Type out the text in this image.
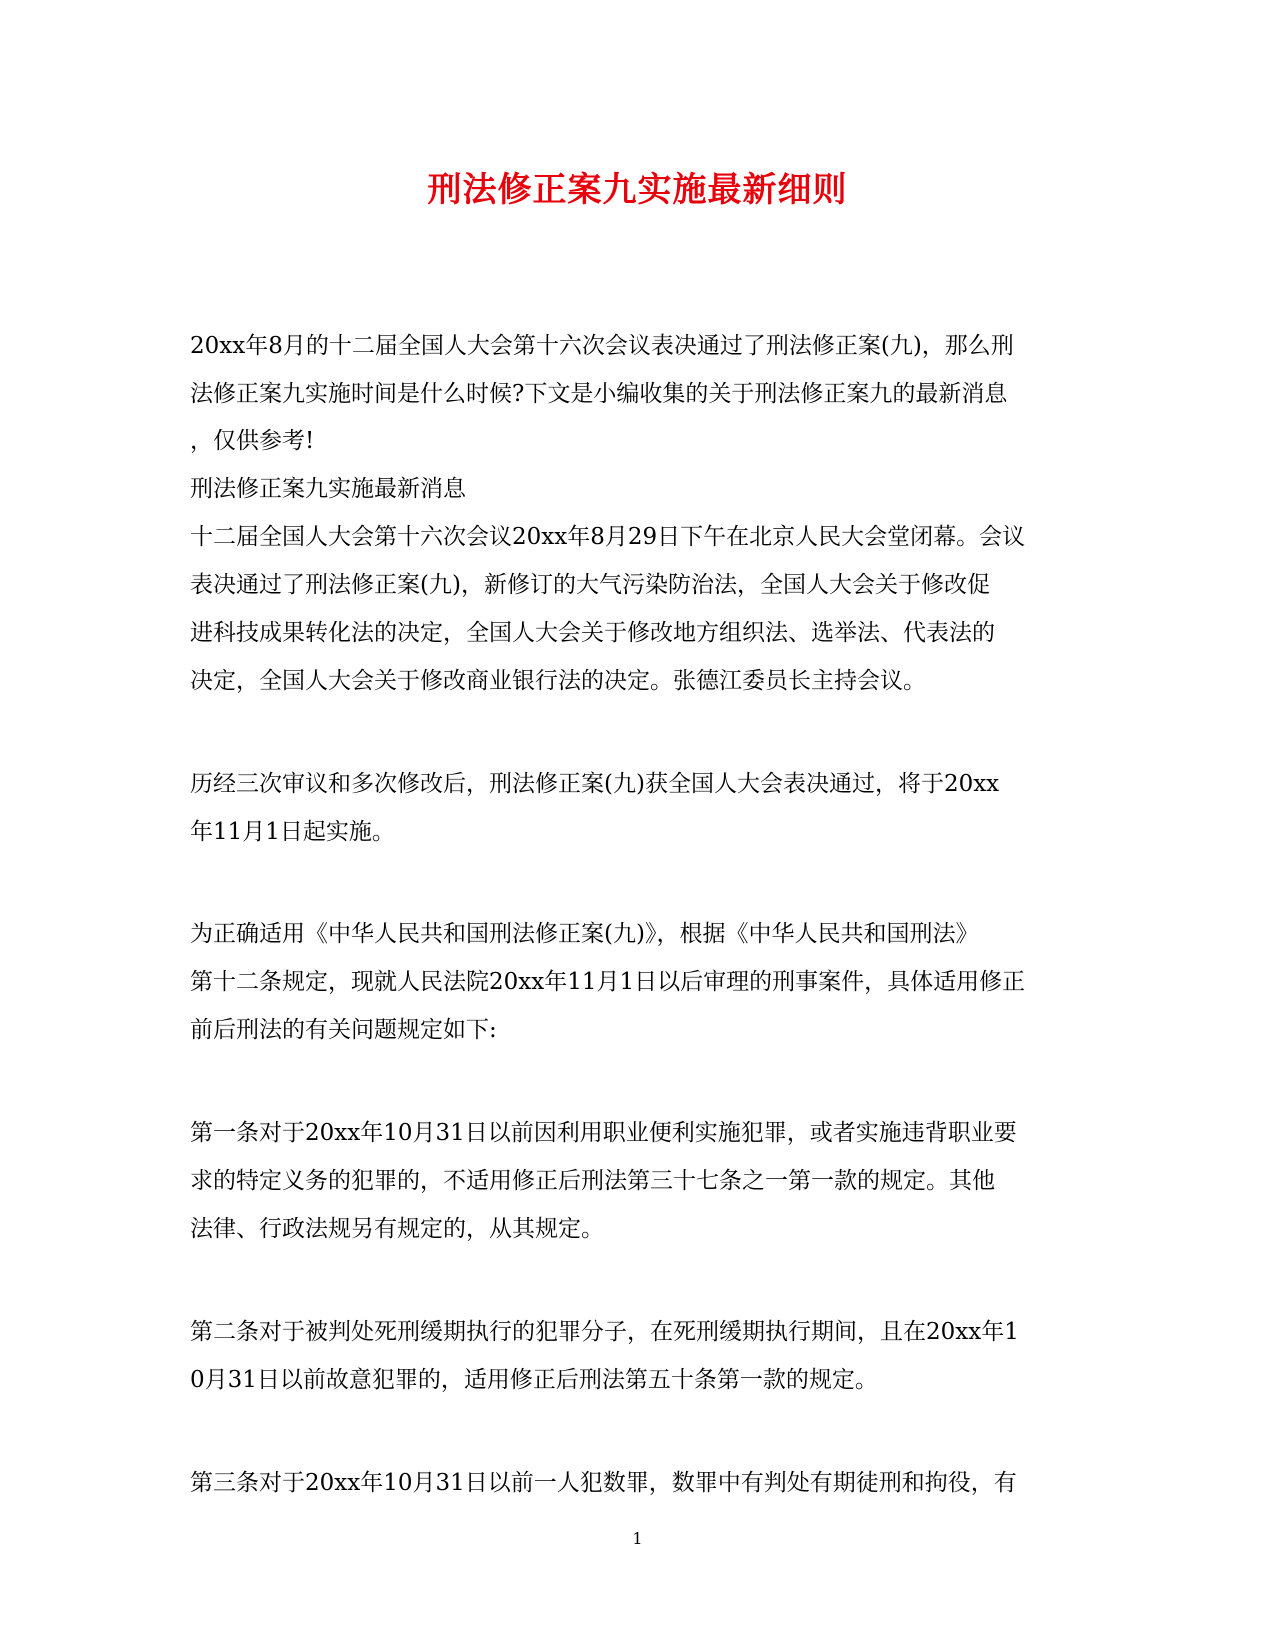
刑法修正案九实施最新细则
20xx年8月的十二届全国人大会第十六次会议表决通过了刑法修正案(九)，那么刑
法修正案九实施时间是什么时候?下文是小编收集的关于刑法修正案九的最新消息
，仅供参考!
刑法修正案九实施最新消息
十二届全国人大会第十六次会议20xx年8月29日下午在北京人民大会堂闭幕。会议
表决通过了刑法修正案(九)，新修订的大气污染防治法，全国人大会关于修改促
进科技成果转化法的决定，全国人大会关于修改地方组织法、选举法、代表法的
决定，全国人大会关于修改商业银行法的决定。张德江委员长主持会议。
历经三次审议和多次修改后，刑法修正案(九)获全国人大会表决通过，将于20xx
年11月1日起实施。
为正确适用《中华人民共和国刑法修正案(九)》，根据《中华人民共和国刑法》
第十二条规定，现就人民法院20xx年11月1日以后审理的刑事案件，具体适用修正
前后刑法的有关问题规定如下:
第一条对于20xx年10月31日以前因利用职业便利实施犯罪，或者实施违背职业要
求的特定义务的犯罪的，不适用修正后刑法第三十七条之一第一款的规定。其他
法律、行政法规另有规定的，从其规定。
第二条对于被判处死刑缓期执行的犯罪分子，在死刑缓期执行期间，且在20xx年1
0月31日以前故意犯罪的，适用修正后刑法第五十条第一款的规定。
第三条对于20xx年10月31日以前一人犯数罪，数罪中有判处有期徒刑和拘役，有
1
